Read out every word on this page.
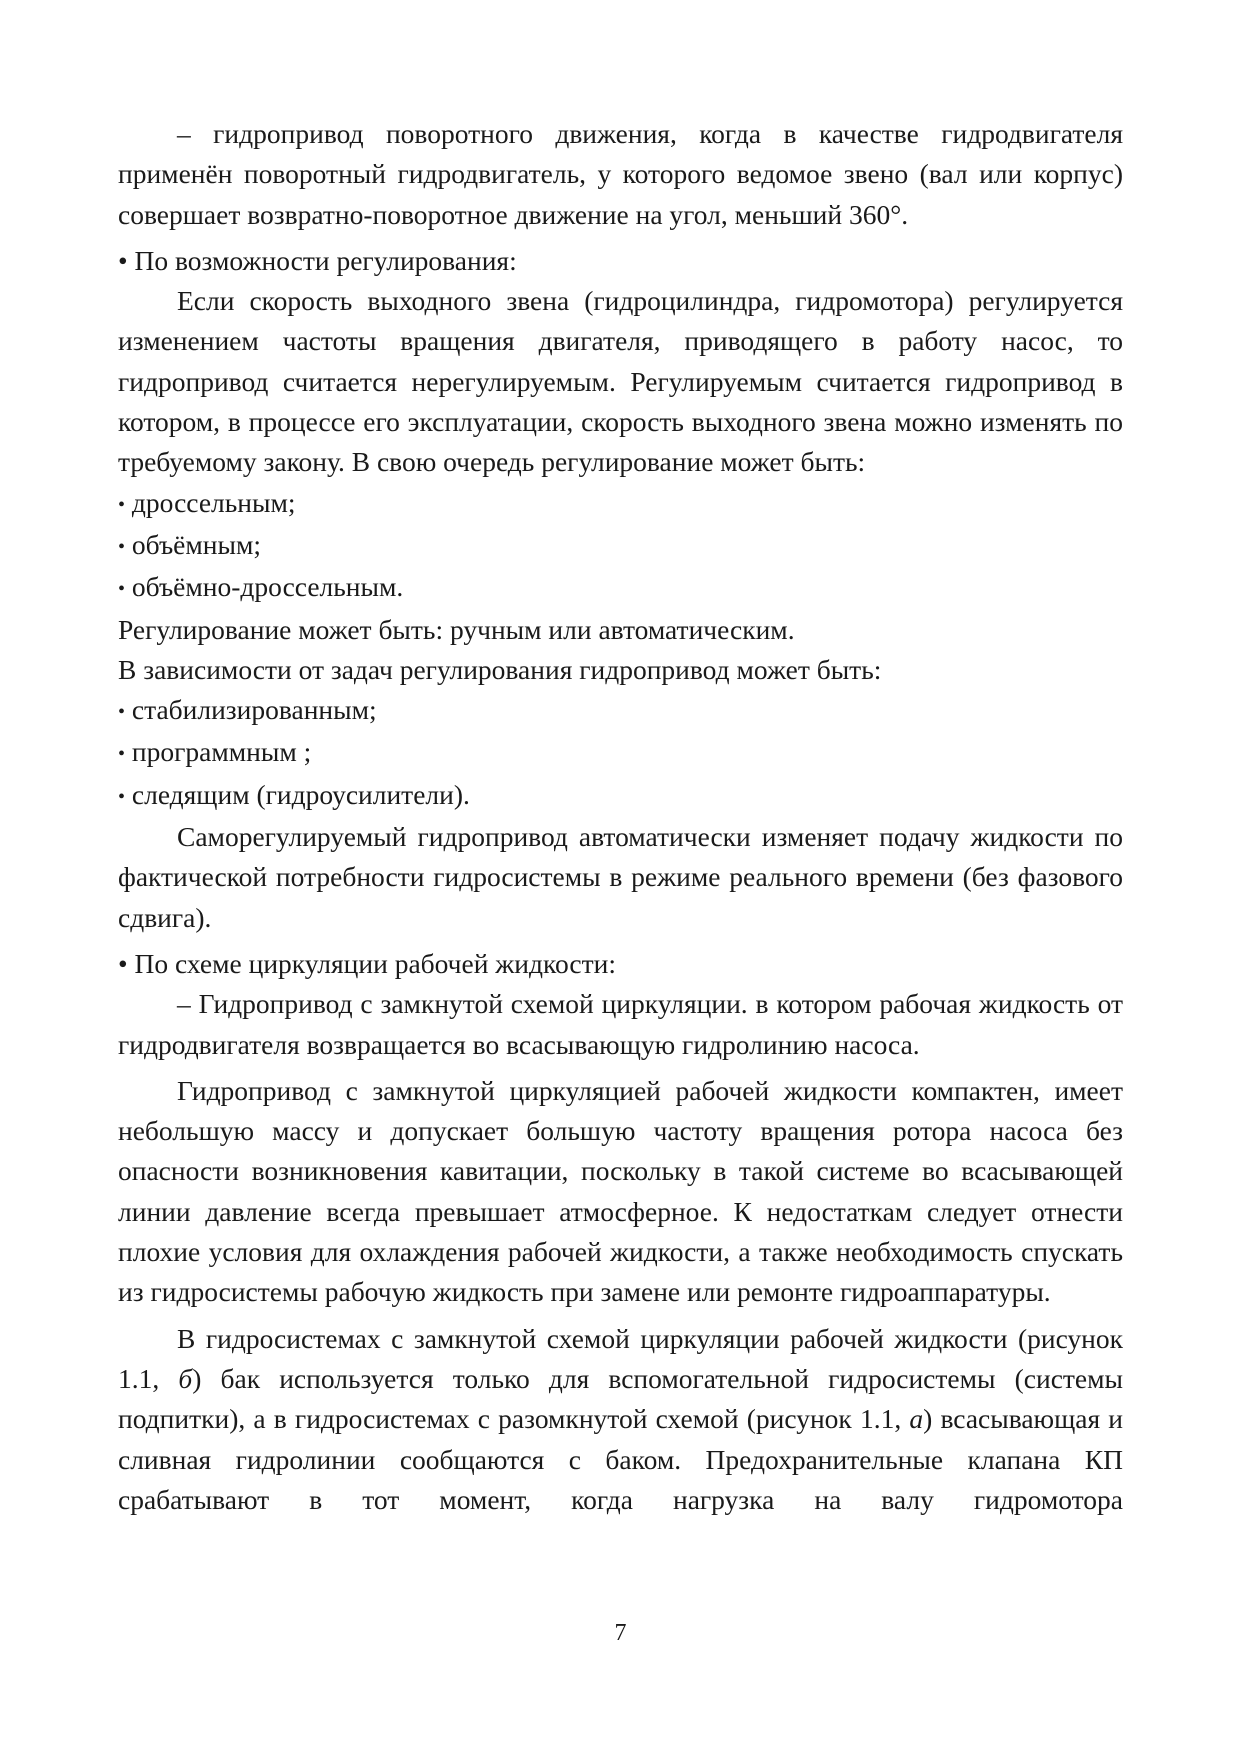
– гидропривод поворотного движения, когда в качестве гидродвигателя применён поворотный гидродвигатель, у которого ведомое звено (вал или корпус) совершает возвратно-поворотное движение на угол, меньший 360°.

• По возможности регулирования:

Если скорость выходного звена (гидроцилиндра, гидромотора) регулируется изменением частоты вращения двигателя, приводящего в работу насос, то гидропривод считается нерегулируемым. Регулируемым считается гидропривод в котором, в процессе его эксплуатации, скорость выходного звена можно изменять по требуемому закону. В свою очередь регулирование может быть:

• дроссельным;

• объёмным;

• объёмно-дроссельным.

Регулирование может быть: ручным или автоматическим.

В зависимости от задач регулирования гидропривод может быть:

• стабилизированным;

• программным ;

• следящим (гидроусилители).

Саморегулируемый гидропривод автоматически изменяет подачу жидкости по фактической потребности гидросистемы в режиме реального времени (без фазового сдвига).

• По схеме циркуляции рабочей жидкости:

– Гидропривод с замкнутой схемой циркуляции. в котором рабочая жидкость от гидродвигателя возвращается во всасывающую гидролинию насоса.

Гидропривод с замкнутой циркуляцией рабочей жидкости компактен, имеет небольшую массу и допускает большую частоту вращения ротора насоса без опасности возникновения кавитации, поскольку в такой системе во всасывающей линии давление всегда превышает атмосферное. К недостаткам следует отнести плохие условия для охлаждения рабочей жидкости, а также необходимость спускать из гидросистемы рабочую жидкость при замене или ремонте гидроаппаратуры.

В гидросистемах с замкнутой схемой циркуляции рабочей жидкости (рисунок 1.1, б) бак используется только для вспомогательной гидросистемы (системы подпитки), а в гидросистемах с разомкнутой схемой (рисунок 1.1, а) всасывающая и сливная гидролинии сообщаются с баком. Предохранительные клапана КП срабатывают в тот момент, когда нагрузка на валу гидромотора

7
